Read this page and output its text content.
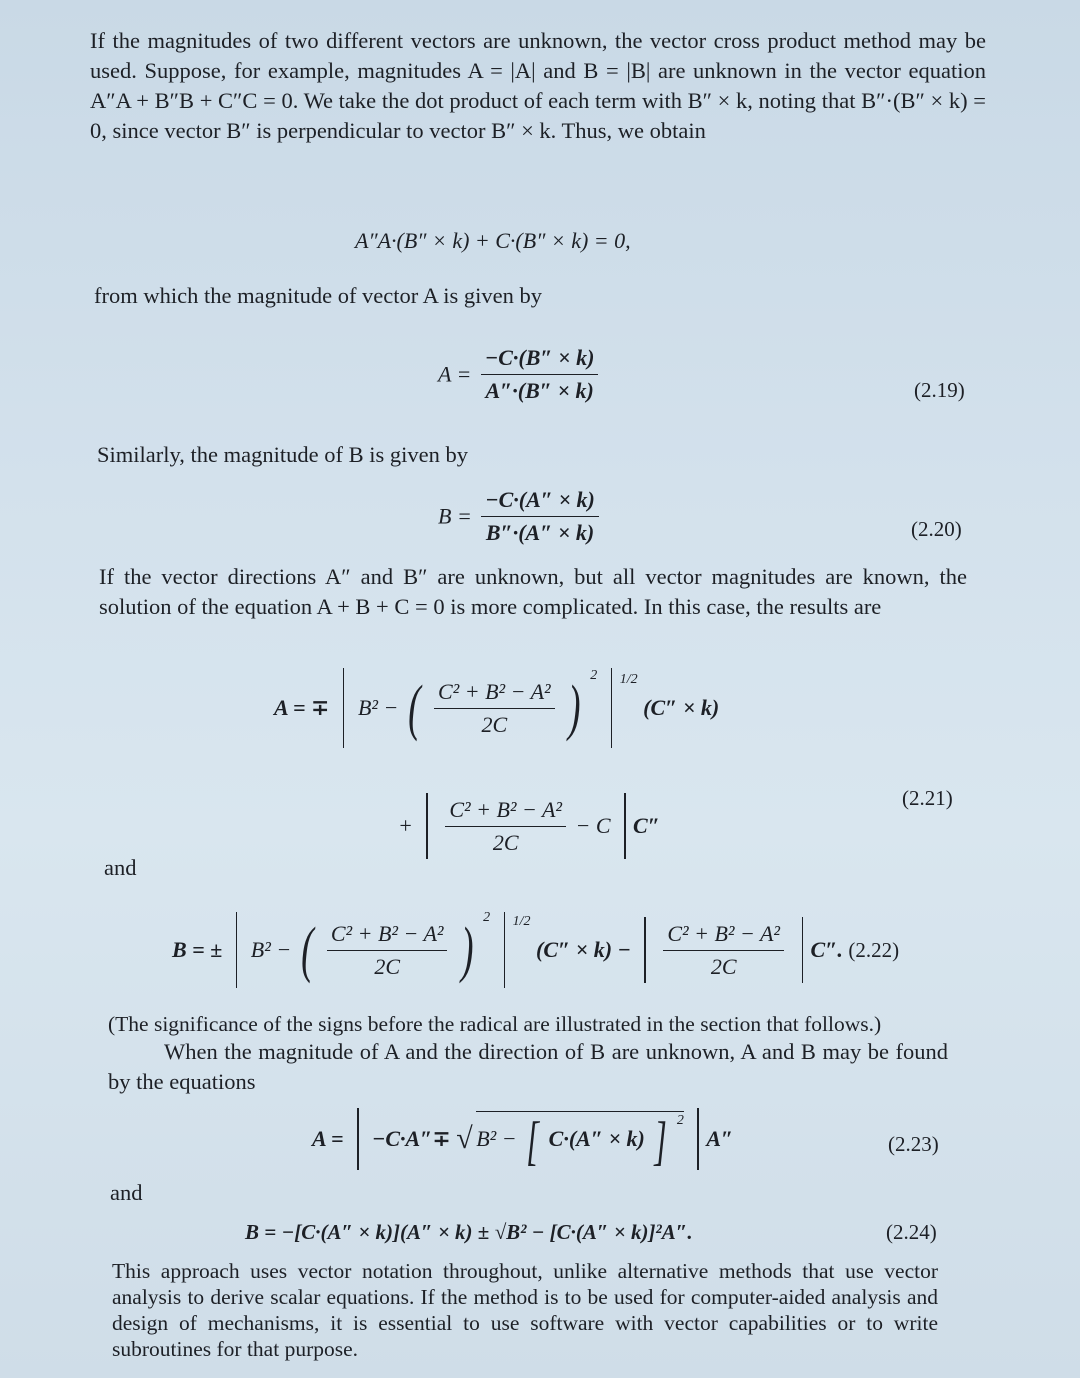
If the magnitudes of two different vectors are unknown, the vector cross product method may be used. Suppose, for example, magnitudes A = |A| and B = |B| are unknown in the vector equation A″A + B″B + C″C = 0. We take the dot product of each term with B″ × k, noting that B″·(B″ × k) = 0, since vector B″ is perpendicular to vector B″ × k. Thus, we obtain

A″A·(B″ × k) + C·(B″ × k) = 0,

from which the magnitude of vector A is given by

$A = \frac{-C\cdot(B'' \times k)}{A''\cdot(B'' \times k)}$	(2.19)

Similarly, the magnitude of B is given by

$B = \frac{-C\cdot(A'' \times k)}{B''\cdot(A'' \times k)}$	(2.20)

If the vector directions A″ and B″ are unknown, but all vector magnitudes are known, the solution of the equation A + B + C = 0 is more complicated. In this case, the results are

A = ∓ B² − ( $\frac{\text{C² + B² − A²}}{2C}$ ) $^2$ $^{1/2}$ (C″ × k)
+ $\frac{\text{C² + B² − A²}}{2C} - C$ C″
(2.21)

and

B = ± B² − ( $\frac{\text{C² + B² − A²}}{2C}$ ) $^2$ $^{1/2}$ $(C'' \times k) - \frac{\text{C² + B² − A²}}{2C} C''$. (2.22)

(The significance of the signs before the radical are illustrated in the section that follows.)

When the magnitude of A and the direction of B are unknown, A and B may be found by the equations

A = −C·A″∓ √ B² − [ C·(A″ × k) ] $^2$  A″	(2.23)

and

B = −[C·(A″ × k)](A″ × k) ± √B² − [C·(A″ × k)]²A″.	(2.24)

This approach uses vector notation throughout, unlike alternative methods that use vector analysis to derive scalar equations. If the method is to be used for computer-aided analysis and design of mechanisms, it is essential to use software with vector capabilities or to write subroutines for that purpose.
